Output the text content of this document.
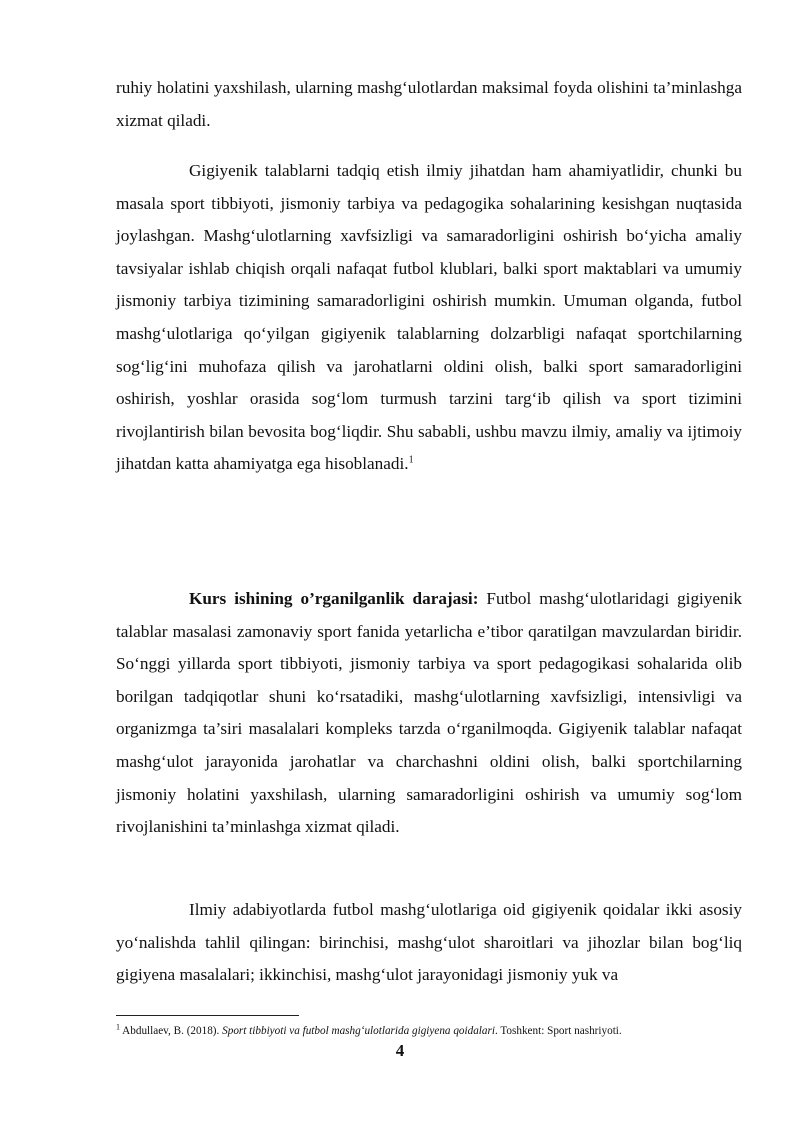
ruhiy holatini yaxshilash, ularning mashg‘ulotlardan maksimal foyda olishini ta’minlashga xizmat qiladi.

Gigiyenik talablarni tadqiq etish ilmiy jihatdan ham ahamiyatlidir, chunki bu masala sport tibbiyoti, jismoniy tarbiya va pedagogika sohalarining kesishgan nuqtasida joylashgan. Mashg‘ulotlarning xavfsizligi va samaradorligini oshirish bo‘yicha amaliy tavsiyalar ishlab chiqish orqali nafaqat futbol klublari, balki sport maktablari va umumiy jismoniy tarbiya tizimining samaradorligini oshirish mumkin. Umuman olganda, futbol mashg‘ulotlariga qo‘yilgan gigiyenik talablarning dolzarbligi nafaqat sportchilarning sog‘lig‘ini muhofaza qilish va jarohatlarni oldini olish, balki sport samaradorligini oshirish, yoshlar orasida sog‘lom turmush tarzini targ‘ib qilish va sport tizimini rivojlantirish bilan bevosita bog‘liqdir. Shu sababli, ushbu mavzu ilmiy, amaliy va ijtimoiy jihatdan katta ahamiyatga ega hisoblanadi.$^1$

Kurs ishining o’rganilganlik darajasi: Futbol mashg‘ulotlaridagi gigiyenik talablar masalasi zamonaviy sport fanida yetarlicha e’tibor qaratilgan mavzulardan biridir. So‘nggi yillarda sport tibbiyoti, jismoniy tarbiya va sport pedagogikasi sohalarida olib borilgan tadqiqotlar shuni ko‘rsatadiki, mashg‘ulotlarning xavfsizligi, intensivligi va organizmga ta’siri masalalari kompleks tarzda o‘rganilmoqda. Gigiyenik talablar nafaqat mashg‘ulot jarayonida jarohatlar va charchashni oldini olish, balki sportchilarning jismoniy holatini yaxshilash, ularning samaradorligini oshirish va umumiy sog‘lom rivojlanishini ta’minlashga xizmat qiladi.

Ilmiy adabiyotlarda futbol mashg‘ulotlariga oid gigiyenik qoidalar ikki asosiy yo‘nalishda tahlil qilingan: birinchisi, mashg‘ulot sharoitlari va jihozlar bilan bog‘liq gigiyena masalalari; ikkinchisi, mashg‘ulot jarayonidagi jismoniy yuk va

$^1$ Abdullaev, B. (2018). Sport tibbiyoti va futbol mashg‘ulotlarida gigiyena qoidalari. Toshkent: Sport nashriyoti.
4
